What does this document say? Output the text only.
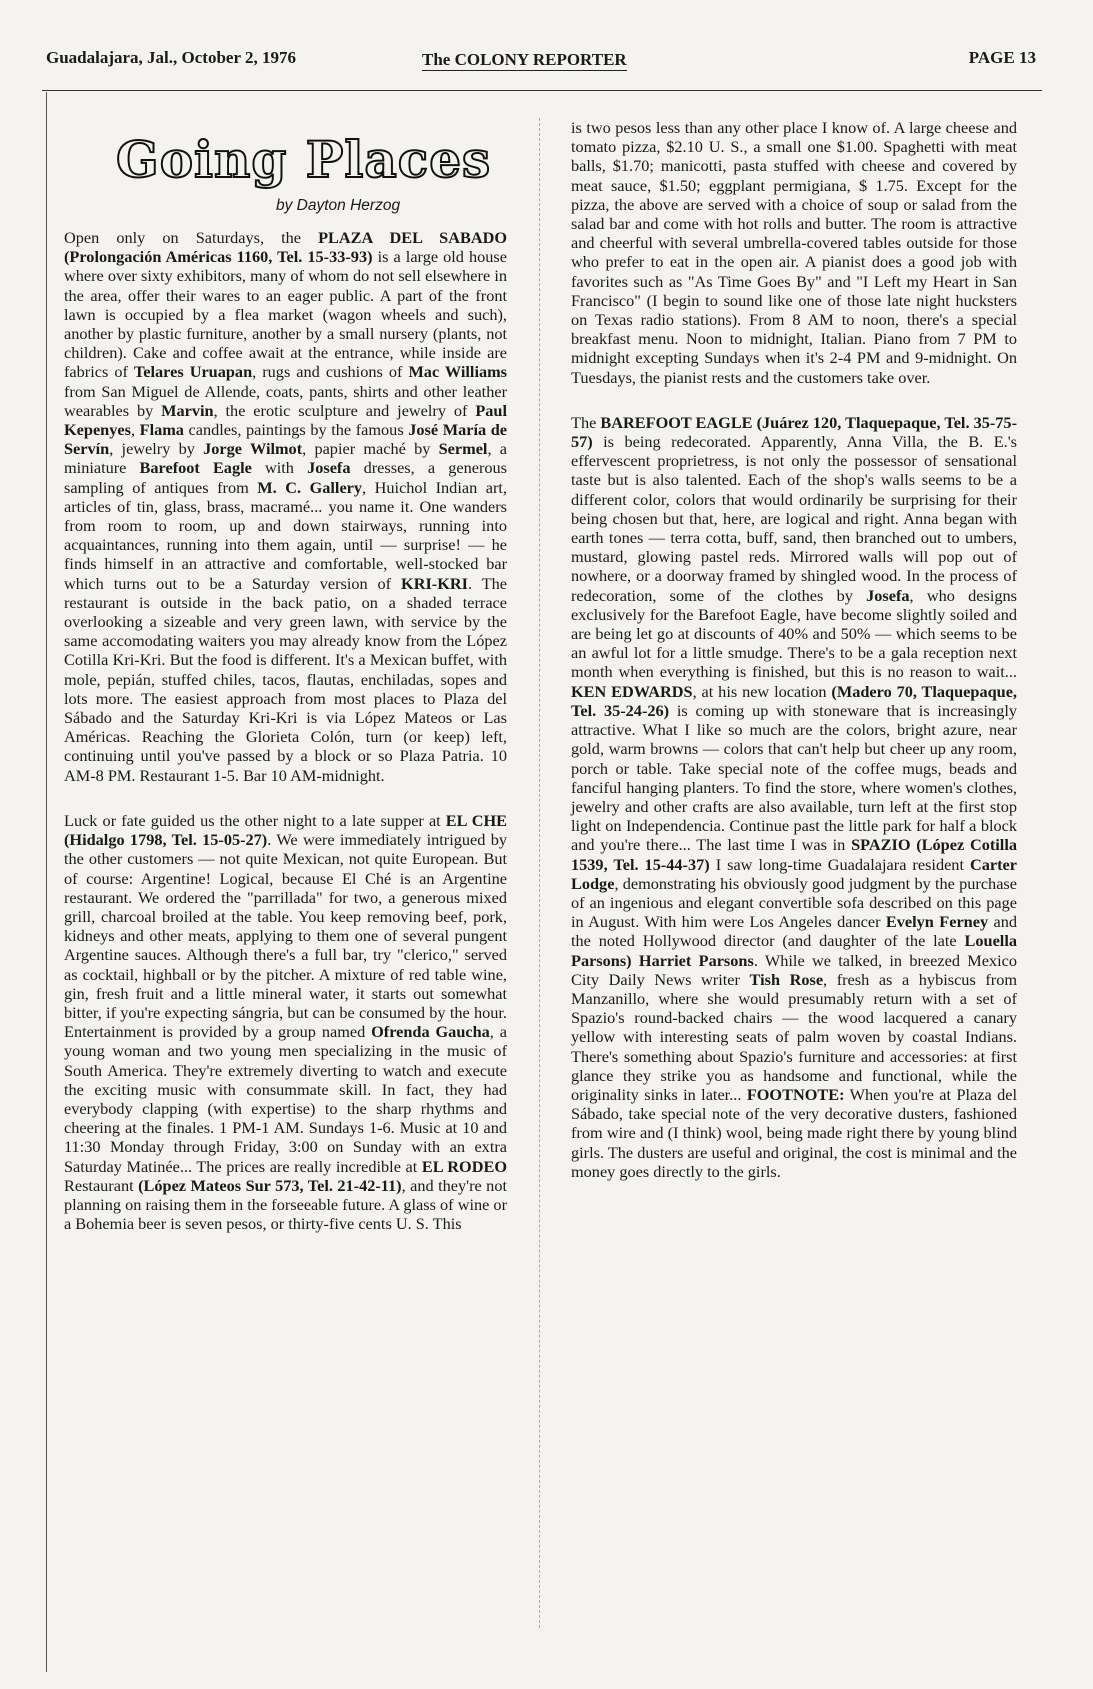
Guadalajara, Jal., October 2, 1976	The COLONY REPORTER	PAGE 13
Going Places
by Dayton Herzog

Open only on Saturdays, the PLAZA DEL SABADO (Prolongación Américas 1160, Tel. 15-33-93) is a large old house where over sixty exhibitors, many of whom do not sell elsewhere in the area, offer their wares to an eager public. A part of the front lawn is occupied by a flea market (wagon wheels and such), another by plastic furniture, another by a small nursery (plants, not children). Cake and coffee await at the entrance, while inside are fabrics of Telares Uruapan, rugs and cushions of Mac Williams from San Miguel de Allende, coats, pants, shirts and other leather wearables by Marvin, the erotic sculpture and jewelry of Paul Kepenyes, Flama candles, paintings by the famous José María de Servín, jewelry by Jorge Wilmot, papier maché by Sermel, a miniature Barefoot Eagle with Josefa dresses, a generous sampling of antiques from M. C. Gallery, Huichol Indian art, articles of tin, glass, brass, macramé... you name it. One wanders from room to room, up and down stairways, running into acquaintances, running into them again, until — surprise! — he finds himself in an attractive and comfortable, well-stocked bar which turns out to be a Saturday version of KRI-KRI. The restaurant is outside in the back patio, on a shaded terrace overlooking a sizeable and very green lawn, with service by the same accomodating waiters you may already know from the López Cotilla Kri-Kri. But the food is different. It's a Mexican buffet, with mole, pepián, stuffed chiles, tacos, flautas, enchiladas, sopes and lots more. The easiest approach from most places to Plaza del Sábado and the Saturday Kri-Kri is via López Mateos or Las Américas. Reaching the Glorieta Colón, turn (or keep) left, continuing until you've passed by a block or so Plaza Patria. 10 AM-8 PM. Restaurant 1-5. Bar 10 AM-midnight.

Luck or fate guided us the other night to a late supper at EL CHE (Hidalgo 1798, Tel. 15-05-27). We were immediately intrigued by the other customers — not quite Mexican, not quite European. But of course: Argentine! Logical, because El Ché is an Argentine restaurant. We ordered the "parrillada" for two, a generous mixed grill, charcoal broiled at the table. You keep removing beef, pork, kidneys and other meats, applying to them one of several pungent Argentine sauces. Although there's a full bar, try "clerico," served as cocktail, highball or by the pitcher. A mixture of red table wine, gin, fresh fruit and a little mineral water, it starts out somewhat bitter, if you're expecting sángria, but can be consumed by the hour. Entertainment is provided by a group named Ofrenda Gaucha, a young woman and two young men specializing in the music of South America. They're extremely diverting to watch and execute the exciting music with consummate skill. In fact, they had everybody clapping (with expertise) to the sharp rhythms and cheering at the finales. 1 PM-1 AM. Sundays 1-6. Music at 10 and 11:30 Monday through Friday, 3:00 on Sunday with an extra Saturday Matinée... The prices are really incredible at EL RODEO Restaurant (López Mateos Sur 573, Tel. 21-42-11), and they're not planning on raising them in the forseeable future. A glass of wine or a Bohemia beer is seven pesos, or thirty-five cents U. S. This

is two pesos less than any other place I know of. A large cheese and tomato pizza, $2.10 U. S., a small one $1.00. Spaghetti with meat balls, $1.70; manicotti, pasta stuffed with cheese and covered by meat sauce, $1.50; eggplant permigiana, $ 1.75. Except for the pizza, the above are served with a choice of soup or salad from the salad bar and come with hot rolls and butter. The room is attractive and cheerful with several umbrella-covered tables outside for those who prefer to eat in the open air. A pianist does a good job with favorites such as "As Time Goes By" and "I Left my Heart in San Francisco" (I begin to sound like one of those late night hucksters on Texas radio stations). From 8 AM to noon, there's a special breakfast menu. Noon to midnight, Italian. Piano from 7 PM to midnight excepting Sundays when it's 2-4 PM and 9-midnight. On Tuesdays, the pianist rests and the customers take over.

The BAREFOOT EAGLE (Juárez 120, Tlaquepaque, Tel. 35-75-57) is being redecorated. Apparently, Anna Villa, the B. E.'s effervescent proprietress, is not only the possessor of sensational taste but is also talented. Each of the shop's walls seems to be a different color, colors that would ordinarily be surprising for their being chosen but that, here, are logical and right. Anna began with earth tones — terra cotta, buff, sand, then branched out to umbers, mustard, glowing pastel reds. Mirrored walls will pop out of nowhere, or a doorway framed by shingled wood. In the process of redecoration, some of the clothes by Josefa, who designs exclusively for the Barefoot Eagle, have become slightly soiled and are being let go at discounts of 40% and 50% — which seems to be an awful lot for a little smudge. There's to be a gala reception next month when everything is finished, but this is no reason to wait... KEN EDWARDS, at his new location (Madero 70, Tlaquepaque, Tel. 35-24-26) is coming up with stoneware that is increasingly attractive. What I like so much are the colors, bright azure, near gold, warm browns — colors that can't help but cheer up any room, porch or table. Take special note of the coffee mugs, beads and fanciful hanging planters. To find the store, where women's clothes, jewelry and other crafts are also available, turn left at the first stop light on Independencia. Continue past the little park for half a block and you're there... The last time I was in SPAZIO (López Cotilla 1539, Tel. 15-44-37) I saw long-time Guadalajara resident Carter Lodge, demonstrating his obviously good judgment by the purchase of an ingenious and elegant convertible sofa described on this page in August. With him were Los Angeles dancer Evelyn Ferney and the noted Hollywood director (and daughter of the late Louella Parsons) Harriet Parsons. While we talked, in breezed Mexico City Daily News writer Tish Rose, fresh as a hybiscus from Manzanillo, where she would presumably return with a set of Spazio's round-backed chairs — the wood lacquered a canary yellow with interesting seats of palm woven by coastal Indians. There's something about Spazio's furniture and accessories: at first glance they strike you as handsome and functional, while the originality sinks in later... FOOTNOTE: When you're at Plaza del Sábado, take special note of the very decorative dusters, fashioned from wire and (I think) wool, being made right there by young blind girls. The dusters are useful and original, the cost is minimal and the money goes directly to the girls.
